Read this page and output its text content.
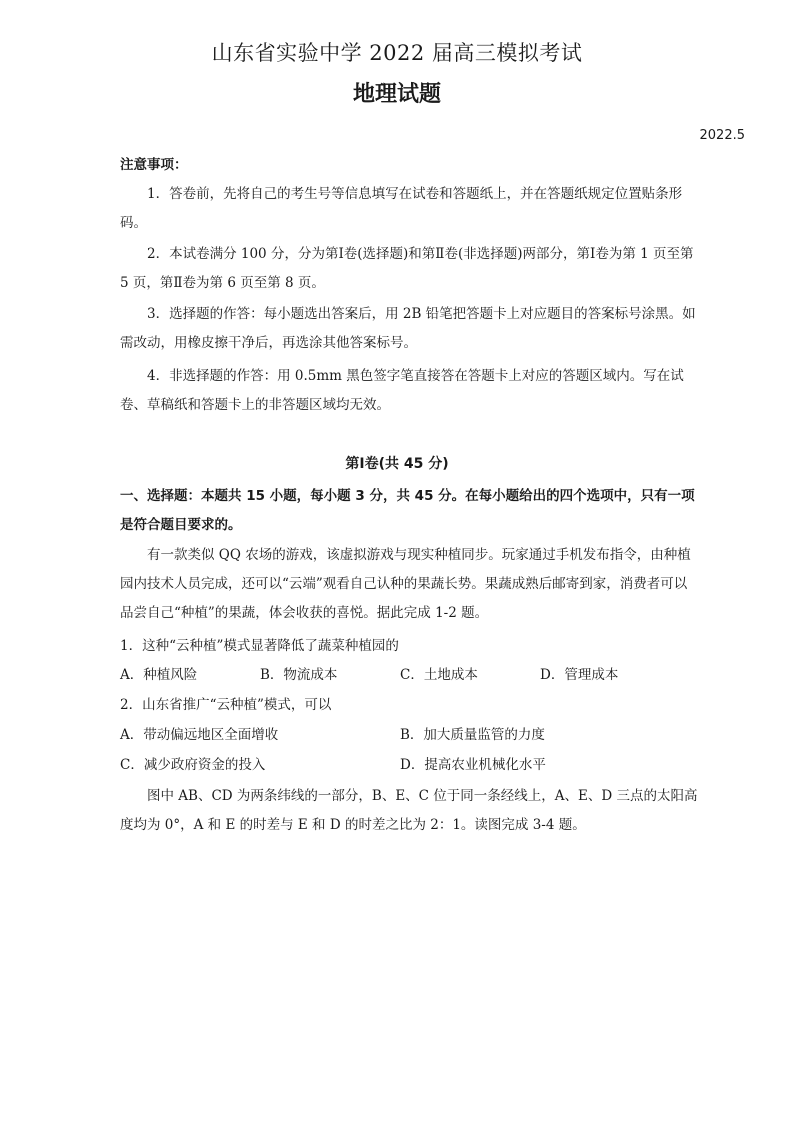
山东省实验中学 2022 届高三模拟考试
地理试题
2022.5
注意事项：
1．答卷前，先将自己的考生号等信息填写在试卷和答题纸上，并在答题纸规定位置贴条形码。
2．本试卷满分 100 分，分为第Ⅰ卷(选择题)和第Ⅱ卷(非选择题)两部分，第Ⅰ卷为第 1 页至第 5 页，第Ⅱ卷为第 6 页至第 8 页。
3．选择题的作答：每小题选出答案后，用 2B 铅笔把答题卡上对应题目的答案标号涂黑。如需改动，用橡皮擦干净后，再选涂其他答案标号。
4．非选择题的作答：用 0.5mm 黑色签字笔直接答在答题卡上对应的答题区域内。写在试卷、草稿纸和答题卡上的非答题区域均无效。
第Ⅰ卷(共 45 分)
一、选择题：本题共 15 小题，每小题 3 分，共 45 分。在每小题给出的四个选项中，只有一项是符合题目要求的。
有一款类似 QQ 农场的游戏，该虚拟游戏与现实种植同步。玩家通过手机发布指令，由种植园内技术人员完成，还可以“云端”观看自己认种的果蔬长势。果蔬成熟后邮寄到家，消费者可以品尝自己“种植”的果蔬，体会收获的喜悦。据此完成 1-2 题。
1．这种“云种植”模式显著降低了蔬菜种植园的
A．种植风险	B．物流成本	C．土地成本	D．管理成本
2．山东省推广“云种植”模式，可以
A．带动偏远地区全面增收	B．加大质量监管的力度
C．减少政府资金的投入	D．提高农业机械化水平
图中 AB、CD 为两条纬线的一部分，B、E、C 位于同一条经线上，A、E、D 三点的太阳高度均为 0°，A 和 E 的时差与 E 和 D 的时差之比为 2：1。读图完成 3-4 题。
